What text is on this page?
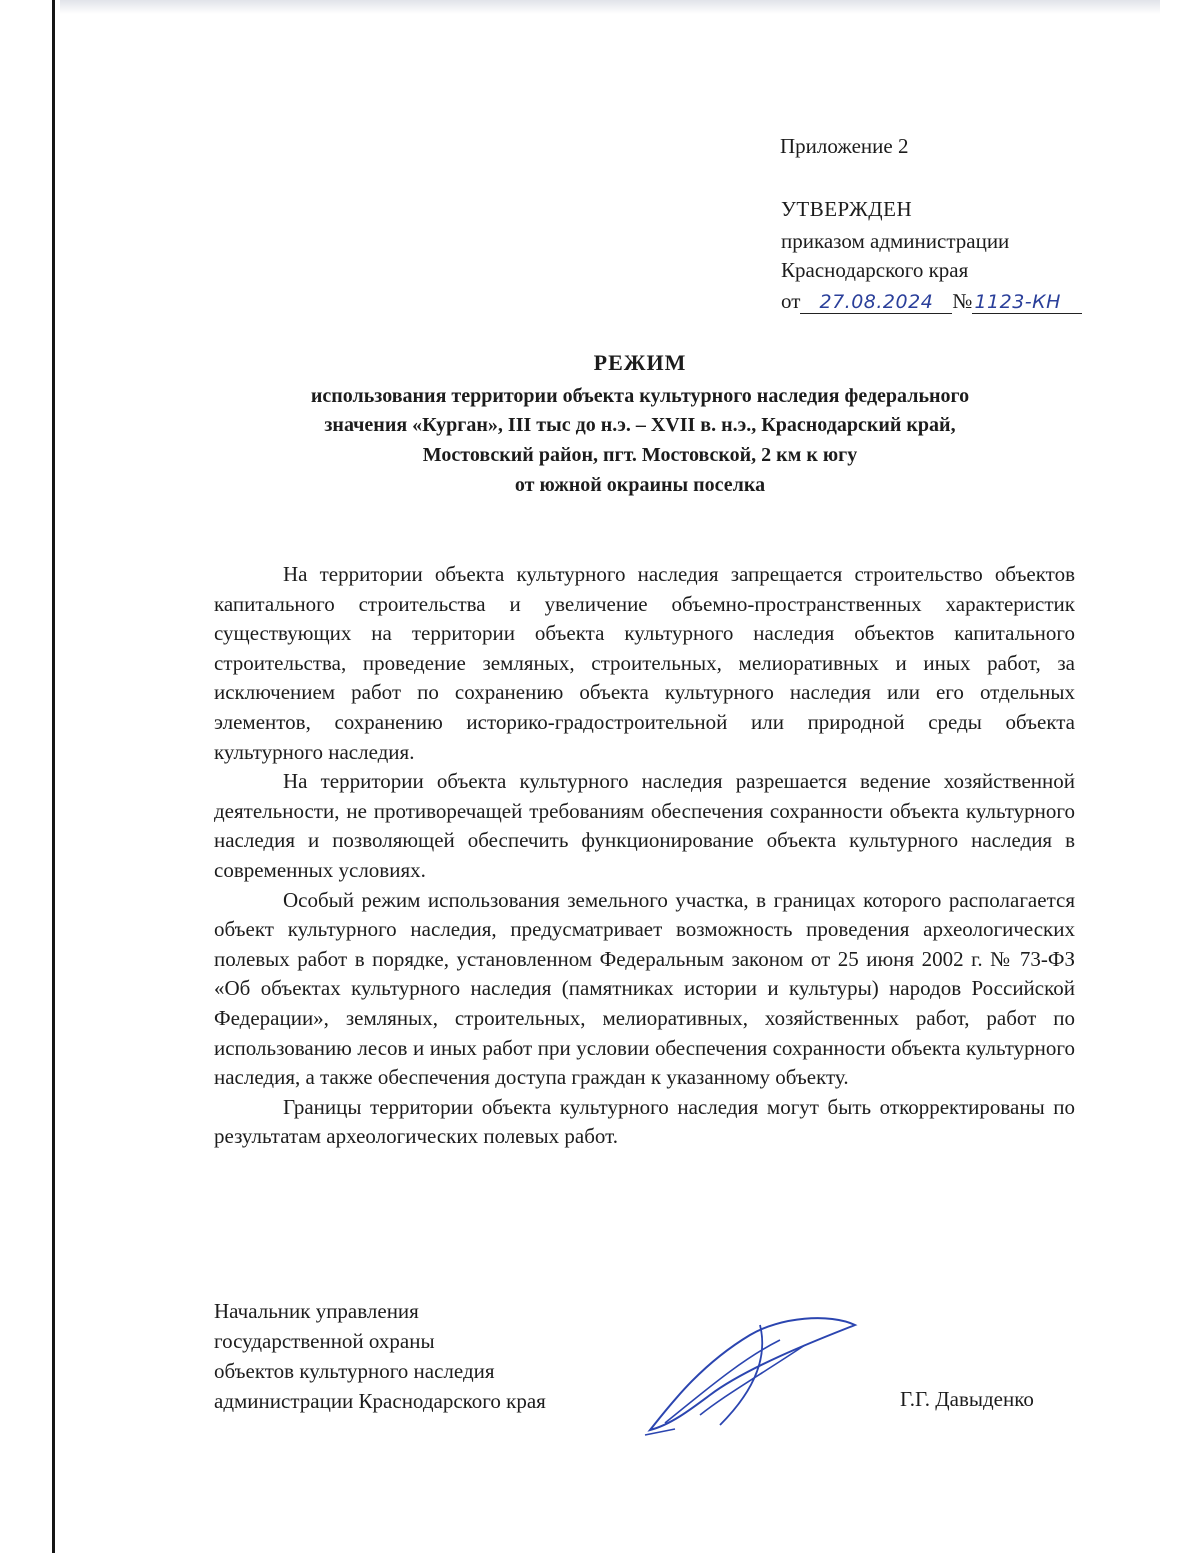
Приложение 2
УТВЕРЖДЕН
приказом администрации
Краснодарского края
от 27.08.2024 № 1123-КН
РЕЖИМ
использования территории объекта культурного наследия федерального
значения «Курган», III тыс до н.э. – XVII в. н.э., Краснодарский край,
Мостовский район, пгт. Мостовской, 2 км к югу
от южной окраины поселка

На территории объекта культурного наследия запрещается строительство объектов капитального строительства и увеличение объемно-пространственных характеристик существующих на территории объекта культурного наследия объектов капитального строительства, проведение земляных, строительных, мелиоративных и иных работ, за исключением работ по сохранению объекта культурного наследия или его отдельных элементов, сохранению историко-градостроительной или природной среды объекта культурного наследия.

На территории объекта культурного наследия разрешается ведение хозяйственной деятельности, не противоречащей требованиям обеспечения сохранности объекта культурного наследия и позволяющей обеспечить функционирование объекта культурного наследия в современных условиях.

Особый режим использования земельного участка, в границах которого располагается объект культурного наследия, предусматривает возможность проведения археологических полевых работ в порядке, установленном Федеральным законом от 25 июня 2002 г. № 73-ФЗ «Об объектах культурного наследия (памятниках истории и культуры) народов Российской Федерации», земляных, строительных, мелиоративных, хозяйственных работ, работ по использованию лесов и иных работ при условии обеспечения сохранности объекта культурного наследия, а также обеспечения доступа граждан к указанному объекту.

Границы территории объекта культурного наследия могут быть откорректированы по результатам археологических полевых работ.

Начальник управления
государственной охраны
объектов культурного наследия
администрации Краснодарского края	Г.Г. Давыденко
